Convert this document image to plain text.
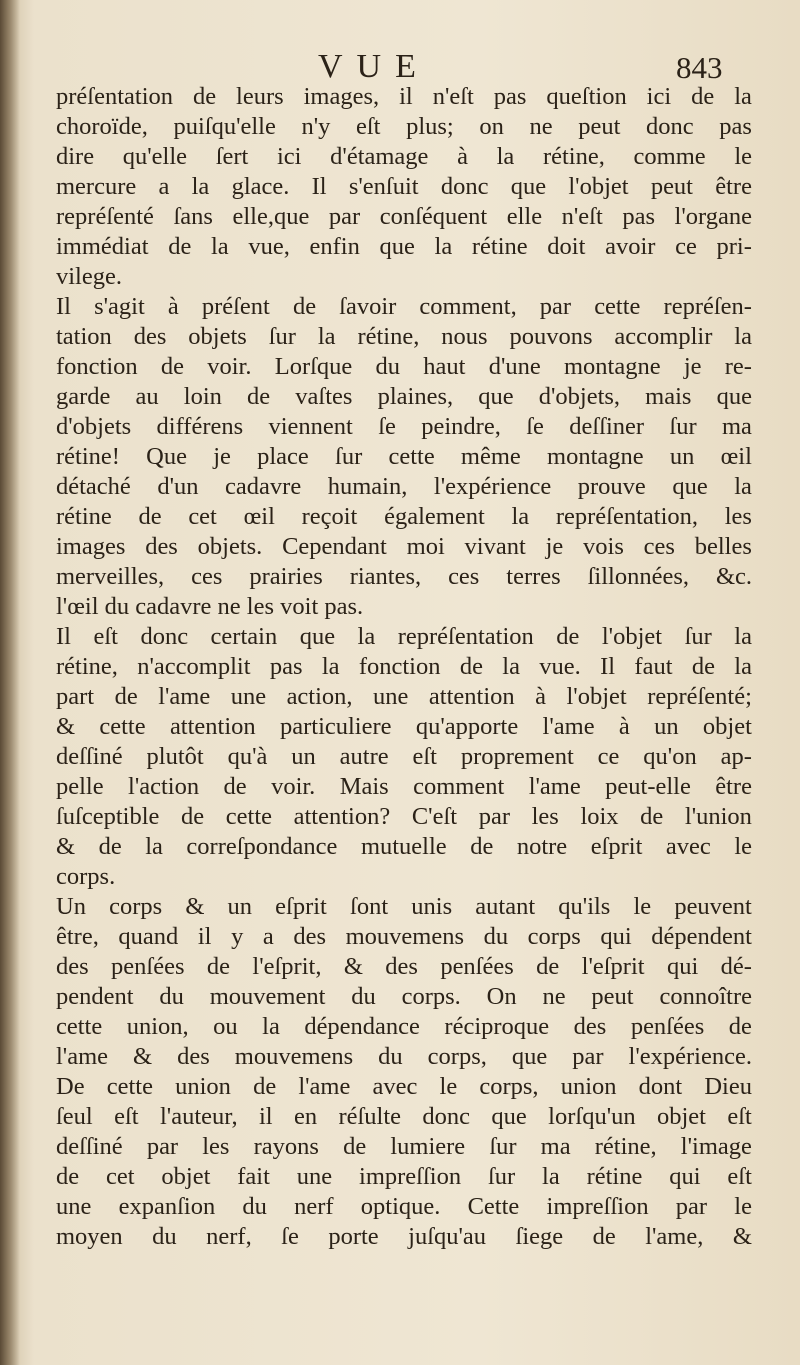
VUE	843
préſentation de leurs images, il n'eſt pas queſtion ici de la
choroïde, puiſqu'elle n'y eſt plus; on ne peut donc pas
dire qu'elle ſert ici d'étamage à la rétine, comme le
mercure a la glace. Il s'enſuit donc que l'objet peut être
repréſenté ſans elle,que par conſéquent elle n'eſt pas l'organe
immédiat de la vue, enfin que la rétine doit avoir ce pri-
vilege.
Il s'agit à préſent de ſavoir comment, par cette repréſen-
tation des objets ſur la rétine, nous pouvons accomplir la
fonction de voir. Lorſque du haut d'une montagne je re-
garde au loin de vaſtes plaines, que d'objets, mais que
d'objets différens viennent ſe peindre, ſe deſſiner ſur ma
rétine! Que je place ſur cette même montagne un œil
détaché d'un cadavre humain, l'expérience prouve que la
rétine de cet œil reçoit également la repréſentation, les
images des objets. Cependant moi vivant je vois ces belles
merveilles, ces prairies riantes, ces terres ſillonnées, &c.
l'œil du cadavre ne les voit pas.
Il eſt donc certain que la repréſentation de l'objet ſur la
rétine, n'accomplit pas la fonction de la vue. Il faut de la
part de l'ame une action, une attention à l'objet repréſenté;
& cette attention particuliere qu'apporte l'ame à un objet
deſſiné plutôt qu'à un autre eſt proprement ce qu'on ap-
pelle l'action de voir. Mais comment l'ame peut-elle être
ſuſceptible de cette attention? C'eſt par les loix de l'union
& de la correſpondance mutuelle de notre eſprit avec le
corps.
Un corps & un eſprit ſont unis autant qu'ils le peuvent
être, quand il y a des mouvemens du corps qui dépendent
des penſées de l'eſprit, & des penſées de l'eſprit qui dé-
pendent du mouvement du corps. On ne peut connoître
cette union, ou la dépendance réciproque des penſées de
l'ame & des mouvemens du corps, que par l'expérience.
De cette union de l'ame avec le corps, union dont Dieu
ſeul eſt l'auteur, il en réſulte donc que lorſqu'un objet eſt
deſſiné par les rayons de lumiere ſur ma rétine, l'image
de cet objet fait une impreſſion ſur la rétine qui eſt
une expanſion du nerf optique. Cette impreſſion par le
moyen du nerf, ſe porte juſqu'au ſiege de l'ame, &
